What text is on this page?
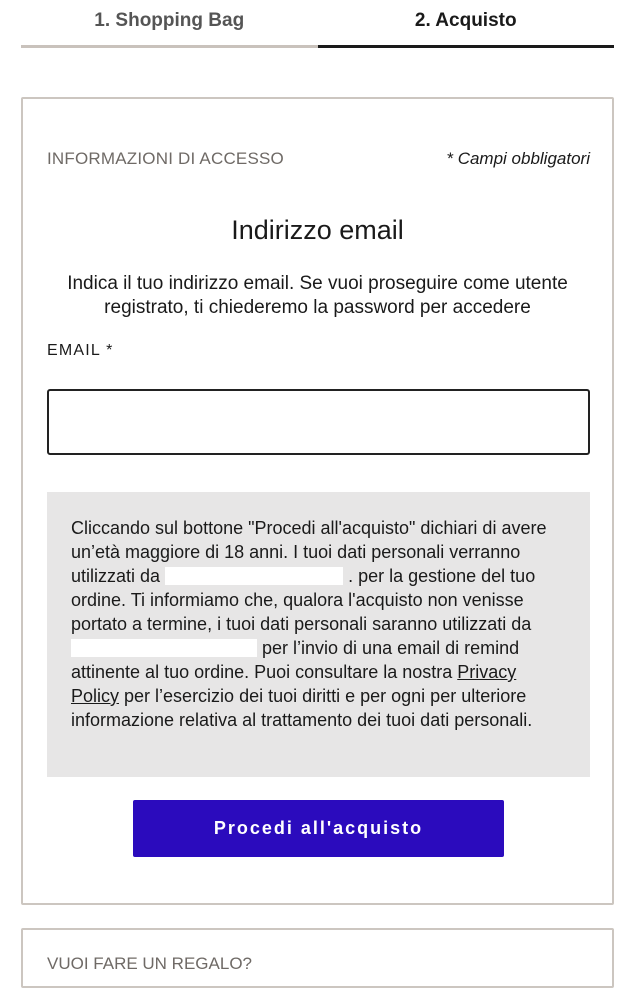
1. Shopping Bag	2. Acquisto
INFORMAZIONI DI ACCESSO	* Campi obbligatori
Indirizzo email
Indica il tuo indirizzo email. Se vuoi proseguire come utente registrato, ti chiederemo la password per accedere
EMAIL *
Cliccando sul bottone "Procedi all'acquisto" dichiari di avere un’età maggiore di 18 anni. I tuoi dati personali verranno utilizzati da	. per la gestione del tuo ordine. Ti informiamo che, qualora l'acquisto non venisse portato a termine, i tuoi dati personali saranno utilizzati da  per l’invio di una email di remind attinente al tuo ordine. Puoi consultare la nostra Privacy Policy per l’esercizio dei tuoi diritti e per ogni per ulteriore informazione relativa al trattamento dei tuoi dati personali.
Procedi all'acquisto
VUOI FARE UN REGALO?
